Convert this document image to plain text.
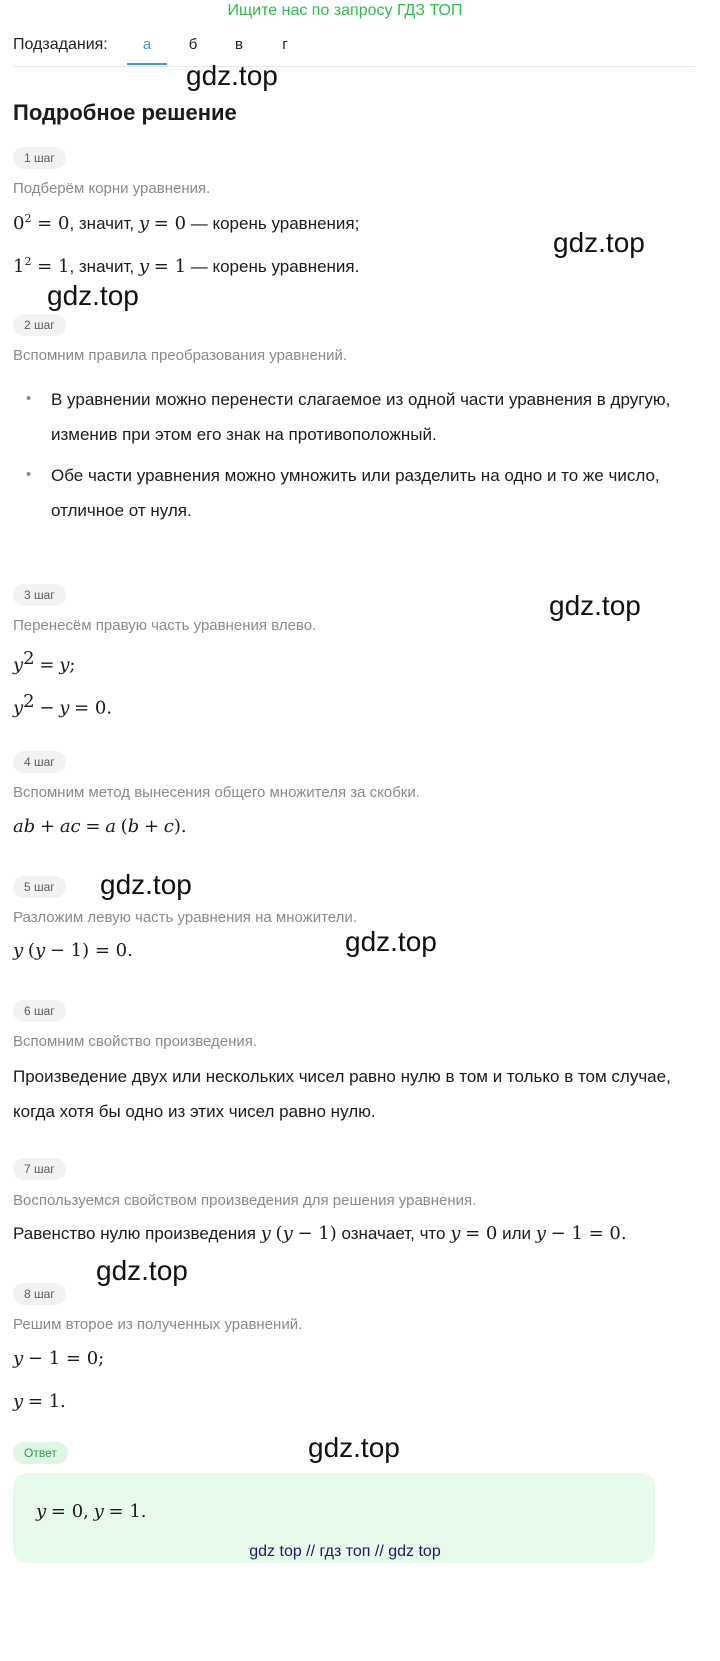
Ищите нас по запросу ГДЗ ТОП
Подзадания:	а	б	в	г
Подробное решение
1 шаг
Подберём корни уравнения.
$0^2 = 0$, значит, y = 0 — корень уравнения;
$1^2 = 1$, значит, y = 1 — корень уравнения.
2 шаг
Вспомним правила преобразования уравнений.
• В уравнении можно перенести слагаемое из одной части уравнения в другую, изменив при этом его знак на противоположный.
• Обе части уравнения можно умножить или разделить на одно и то же число, отличное от нуля.
3 шаг
Перенесём правую часть уравнения влево.
$y^2 = y$;
$y^2 - y = 0$.
4 шаг
Вспомним метод вынесения общего множителя за скобки.
ab + ac = a (b + c).
5 шаг
Разложим левую часть уравнения на множители.
y (y − 1) = 0.
6 шаг
Вспомним свойство произведения.
Произведение двух или нескольких чисел равно нулю в том и только в том случае, когда хотя бы одно из этих чисел равно нулю.
7 шаг
Воспользуемся свойством произведения для решения уравнения.
Равенство нулю произведения y (y − 1) означает, что y = 0 или y − 1 = 0.
8 шаг
Решим второе из полученных уравнений.
y − 1 = 0;
y = 1.
Ответ
y = 0, y = 1.
gdz.top
gdz.top
gdz.top
gdz.top
gdz.top
gdz.top
gdz.top
gdz.top
gdz top // гдз топ // gdz top
